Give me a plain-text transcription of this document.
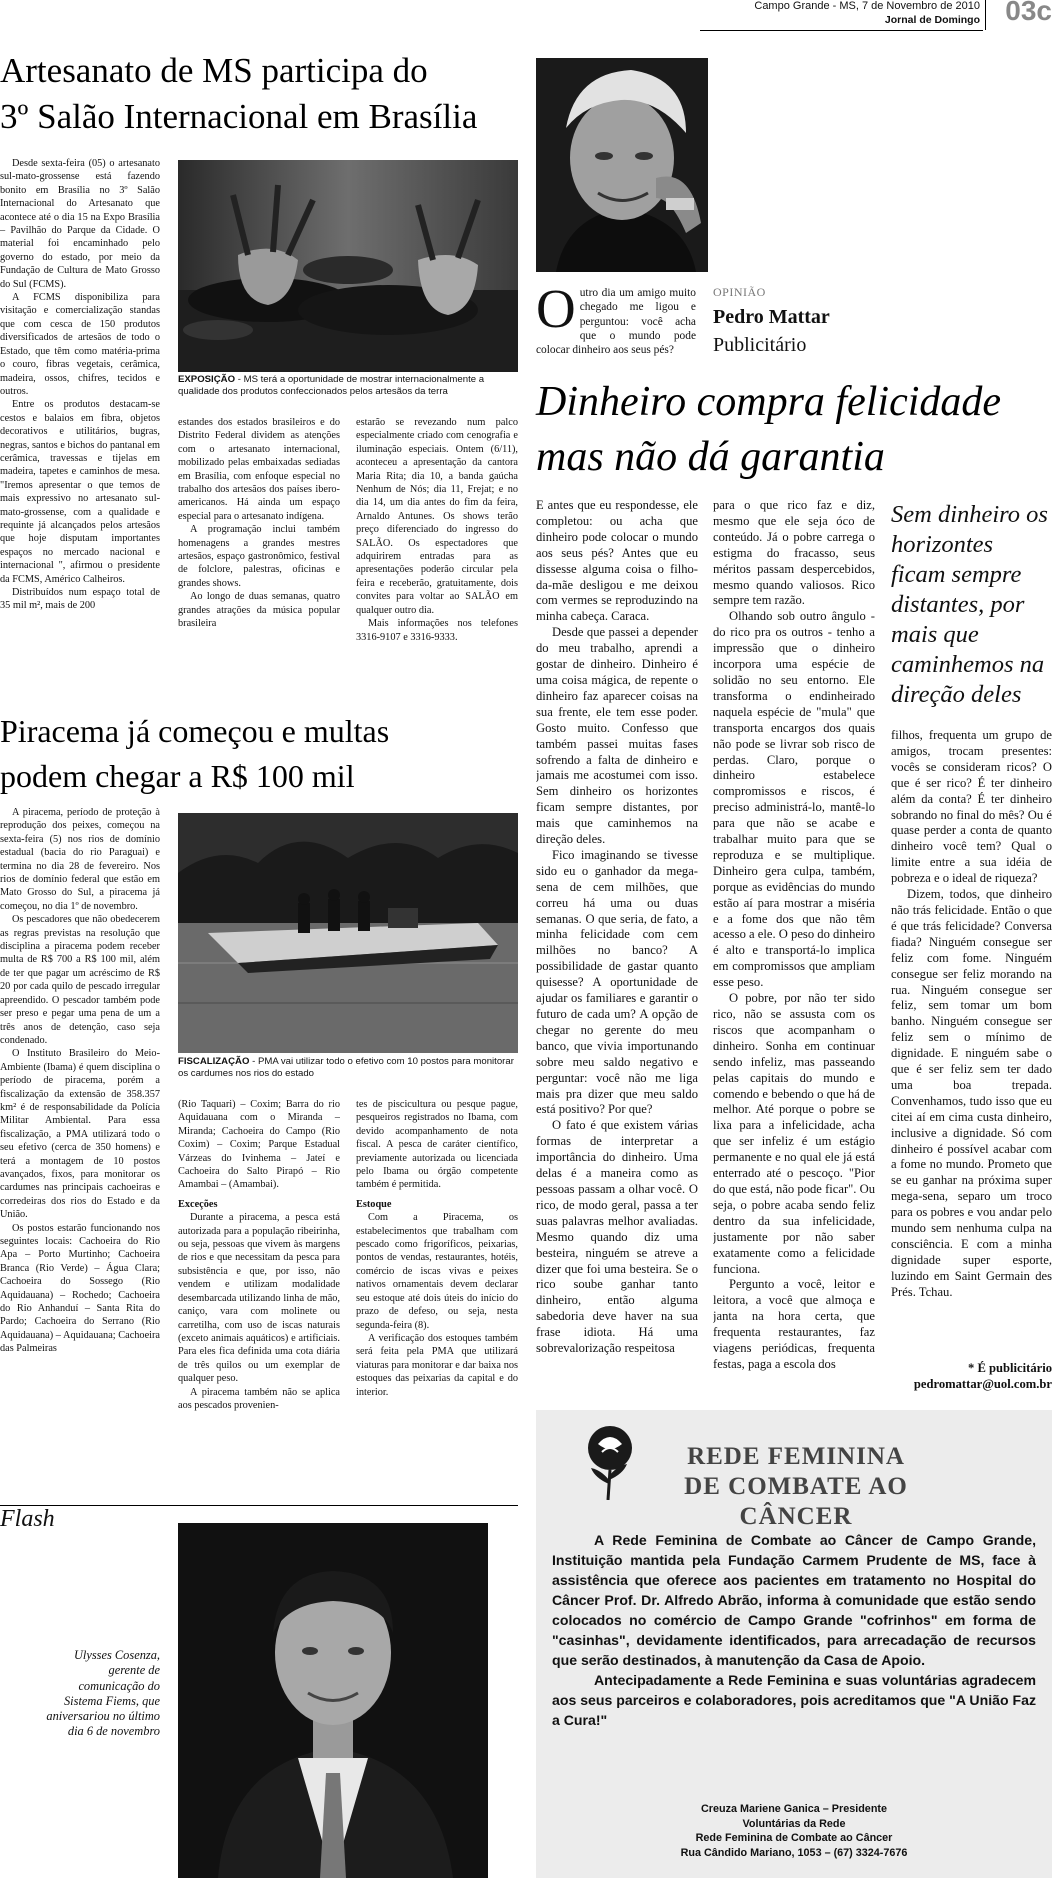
Campo Grande - MS, 7 de Novembro de 2010
Jornal de Domingo 03c
Artesanato de MS participa do
3º Salão Internacional em Brasília

Desde sexta-feira (05) o artesanato sul-mato-grossense está fazendo bonito em Brasília no 3º Salão Internacional do Artesanato que acontece até o dia 15 na Expo Brasília – Pavilhão do Parque da Cidade. O material foi encaminhado pelo governo do estado, por meio da Fundação de Cultura de Mato Grosso do Sul (FCMS).

A FCMS disponibiliza para visitação e comercialização standas que com cesca de 150 produtos diversificados de artesãos de todo o Estado, que têm como matéria-prima o couro, fibras vegetais, cerâmica, madeira, ossos, chifres, tecidos e outros.

Entre os produtos destacam-se cestos e balaios em fibra, objetos decorativos e utilitários, bugras, negras, santos e bichos do pantanal em cerâmica, travessas e tijelas em madeira, tapetes e caminhos de mesa. "Iremos apresentar o que temos de mais expressivo no artesanato sul-mato-grossense, com a qualidade e requinte já alcançados pelos artesãos que hoje disputam importantes espaços no mercado nacional e internacional ", afirmou o presidente da FCMS, Américo Calheiros.

Distribuídos num espaço total de 35 mil m², mais de 200

EXPOSIÇÃO - MS terá a oportunidade de mostrar internacionalmente a qualidade dos produtos confeccionados pelos artesãos da terra

estandes dos estados brasileiros e do Distrito Federal dividem as atenções com o artesanato internacional, mobilizado pelas embaixadas sediadas em Brasília, com enfoque especial no trabalho dos artesãos dos países ibero-americanos. Há ainda um espaço especial para o artesanato indígena.

A programação inclui também homenagens a grandes mestres artesãos, espaço gastronômico, festival de folclore, palestras, oficinas e grandes shows.

Ao longo de duas semanas, quatro grandes atrações da música popular brasileira

estarão se revezando num palco especialmente criado com cenografia e iluminação especiais. Ontem (6/11), aconteceu a apresentação da cantora Maria Rita; dia 10, a banda gaúcha Nenhum de Nós; dia 11, Frejat; e no dia 14, um dia antes do fim da feira, Arnaldo Antunes. Os shows terão preço diferenciado do ingresso do SALÃO. Os espectadores que adquirirem entradas para as apresentações poderão circular pela feira e receberão, gratuitamente, dois convites para voltar ao SALÃO em qualquer outro dia.

Mais informações nos telefones 3316-9107 e 3316-9333.

Piracema já começou e multas
podem chegar a R$ 100 mil

A piracema, período de proteção à reprodução dos peixes, começou na sexta-feira (5) nos rios de domínio estadual (bacia do rio Paraguai) e termina no dia 28 de fevereiro. Nos rios de domínio federal que estão em Mato Grosso do Sul, a piracema já começou, no dia 1º de novembro.

Os pescadores que não obedecerem as regras previstas na resolução que disciplina a piracema podem receber multa de R$ 700 a R$ 100 mil, além de ter que pagar um acréscimo de R$ 20 por cada quilo de pescado irregular apreendido. O pescador também pode ser preso e pegar uma pena de um a três anos de detenção, caso seja condenado.

O Instituto Brasileiro do Meio-Ambiente (Ibama) é quem disciplina o período de piracema, porém a fiscalização da extensão de 358.357 km² é de responsabilidade da Polícia Militar Ambiental. Para essa fiscalização, a PMA utilizará todo o seu efetivo (cerca de 350 homens) e terá a montagem de 10 postos avançados, fixos, para monitorar os cardumes nas principais cachoeiras e corredeiras dos rios do Estado e da União.

Os postos estarão funcionando nos seguintes locais: Cachoeira do Rio Apa – Porto Murtinho; Cachoeira Branca (Rio Verde) – Água Clara; Cachoeira do Sossego (Rio Aquidauana) – Rochedo; Cachoeira do Rio Anhanduí – Santa Rita do Pardo; Cachoeira do Serrano (Rio Aquidauana) – Aquidauana; Cachoeira das Palmeiras

FISCALIZAÇÃO - PMA vai utilizar todo o efetivo com 10 postos para monitorar os cardumes nos rios do estado

(Rio Taquari) – Coxim; Barra do rio Aquidauana com o Miranda – Miranda; Cachoeira do Campo (Rio Coxim) – Coxim; Parque Estadual Várzeas do Ivinhema – Jateí e Cachoeira do Salto Pirapó – Rio Amambai – (Amambai).

Exceções

Durante a piracema, a pesca está autorizada para a população ribeirinha, ou seja, pessoas que vivem às margens de rios e que necessitam da pesca para subsistência e que, por isso, não vendem e utilizam modalidade desembarcada utilizando linha de mão, caniço, vara com molinete ou carretilha, com uso de iscas naturais (exceto animais aquáticos) e artificiais. Para eles fica definida uma cota diária de três quilos ou um exemplar de qualquer peso.

A piracema também não se aplica aos pescados provenien-

tes de piscicultura ou pesque pague, pesqueiros registrados no Ibama, com devido acompanhamento de nota fiscal. A pesca de caráter científico, previamente autorizada ou licenciada pelo Ibama ou órgão competente também é permitida.

Estoque

Com a Piracema, os estabelecimentos que trabalham com pescado como frigoríficos, peixarias, pontos de vendas, restaurantes, hotéis, comércio de iscas vivas e peixes nativos ornamentais devem declarar seu estoque até dois úteis do início do prazo de defeso, ou seja, nesta segunda-feira (8).

A verificação dos estoques também será feita pela PMA que utilizará viaturas para monitorar e dar baixa nos estoques das peixarias da capital e do interior.

Flash
Ulysses Cosenza, gerente de comunicação do Sistema Fiems, que aniversariou no último dia 6 de novembro
OPINIÃO
Pedro Mattar
Publicitário
Outro dia um amigo muito chegado me ligou e perguntou: você acha que o mundo pode colocar dinheiro aos seus pés?
Dinheiro compra felicidade
mas não dá garantia

E antes que eu respondesse, ele completou: ou acha que dinheiro pode colocar o mundo aos seus pés? Antes que eu dissesse alguma coisa o filho-da-mãe desligou e me deixou com vermes se reproduzindo na minha cabeça. Caraca.

Desde que passei a depender do meu trabalho, aprendi a gostar de dinheiro. Dinheiro é uma coisa mágica, de repente o dinheiro faz aparecer coisas na sua frente, ele tem esse poder. Gosto muito. Confesso que também passei muitas fases sofrendo a falta de dinheiro e jamais me acostumei com isso. Sem dinheiro os horizontes ficam sempre distantes, por mais que caminhemos na direção deles.

Fico imaginando se tivesse sido eu o ganhador da mega-sena de cem milhões, que correu há uma ou duas semanas. O que seria, de fato, a minha felicidade com cem milhões no banco? A possibilidade de gastar quanto quisesse? A oportunidade de ajudar os familiares e garantir o futuro de cada um? A opção de chegar no gerente do meu banco, que vivia importunando sobre meu saldo negativo e perguntar: você não me liga mais pra dizer que meu saldo está positivo? Por que?

O fato é que existem várias formas de interpretar a importância do dinheiro. Uma delas é a maneira como as pessoas passam a olhar você. O rico, de modo geral, passa a ter suas palavras melhor avaliadas. Mesmo quando diz uma besteira, ninguém se atreve a dizer que foi uma besteira. Se o rico soube ganhar tanto dinheiro, então alguma sabedoria deve haver na sua frase idiota. Há uma sobrevalorização respeitosa

para o que rico faz e diz, mesmo que ele seja óco de conteúdo. Já o pobre carrega o estigma do fracasso, seus méritos passam despercebidos, mesmo quando valiosos. Rico sempre tem razão.

Olhando sob outro ângulo - do rico pra os outros - tenho a impressão que o dinheiro incorpora uma espécie de solidão no seu entorno. Ele transforma o endinheirado naquela espécie de "mula" que transporta encargos dos quais não pode se livrar sob risco de perdas. Claro, porque o dinheiro estabelece compromissos e riscos, é preciso administrá-lo, mantê-lo para que não se acabe e trabalhar muito para que se reproduza e se multiplique. Dinheiro gera culpa, também, porque as evidências do mundo estão aí para mostrar a miséria e a fome dos que não têm acesso a ele. O peso do dinheiro é alto e transportá-lo implica em compromissos que ampliam esse peso.

O pobre, por não ter sido rico, não se assusta com os riscos que acompanham o dinheiro. Sonha em continuar sendo infeliz, mas passeando pelas capitais do mundo e comendo e bebendo o que há de melhor. Até porque o pobre se lixa para a infelicidade, acha que ser infeliz é um estágio permanente e no qual ele já está enterrado até o pescoço. "Pior do que está, não pode ficar". Ou seja, o pobre acaba sendo feliz dentro da sua infelicidade, justamente por não saber exatamente como a felicidade funciona.

Pergunto a você, leitor e leitora, a você que almoça e janta na hora certa, que frequenta restaurantes, faz viagens periódicas, frequenta festas, paga a escola dos

Sem dinheiro os horizontes ficam sempre distantes, por mais que caminhemos na direção deles

filhos, frequenta um grupo de amigos, trocam presentes: vocês se consideram ricos? O que é ser rico? É ter dinheiro além da conta? É ter dinheiro sobrando no final do mês? Ou é quase perder a conta de quanto dinheiro você tem? Qual o limite entre a sua idéia de pobreza e o ideal de riqueza?

Dizem, todos, que dinheiro não trás felicidade. Então o que é que trás felicidade? Conversa fiada? Ninguém consegue ser feliz com fome. Ninguém consegue ser feliz morando na rua. Ninguém consegue ser feliz, sem tomar um bom banho. Ninguém consegue ser feliz sem o mínimo de dignidade. E ninguém sabe o que é ser feliz sem ter dado uma boa trepada. Convenhamos, tudo isso que eu citei aí em cima custa dinheiro, inclusive a dignidade. Só com dinheiro é possível acabar com a fome no mundo. Prometo que se eu ganhar na próxima super mega-sena, separo um troco para os pobres e vou andar pelo mundo sem nenhuma culpa na consciência. E com a minha dignidade super esporte, luzindo em Saint Germain des Prés. Tchau.

* É publicitário
pedromattar@uol.com.br
REDE FEMININA
DE COMBATE AO CÂNCER

A Rede Feminina de Combate ao Câncer de Campo Grande, Instituição mantida pela Fundação Carmem Prudente de MS, face à assistência que oferece aos pacientes em tratamento no Hospital do Câncer Prof. Dr. Alfredo Abrão, informa à comunidade que estão sendo colocados no comércio de Campo Grande "cofrinhos" em forma de "casinhas", devidamente identificados, para arrecadação de recursos que serão destinados, à manutenção da Casa de Apoio.

Antecipadamente a Rede Feminina e suas voluntárias agradecem aos seus parceiros e colaboradores, pois acreditamos que "A União Faz a Cura!"

Creuza Mariene Ganica – Presidente
Voluntárias da Rede
Rede Feminina de Combate ao Câncer
Rua Cândido Mariano, 1053 – (67) 3324-7676
